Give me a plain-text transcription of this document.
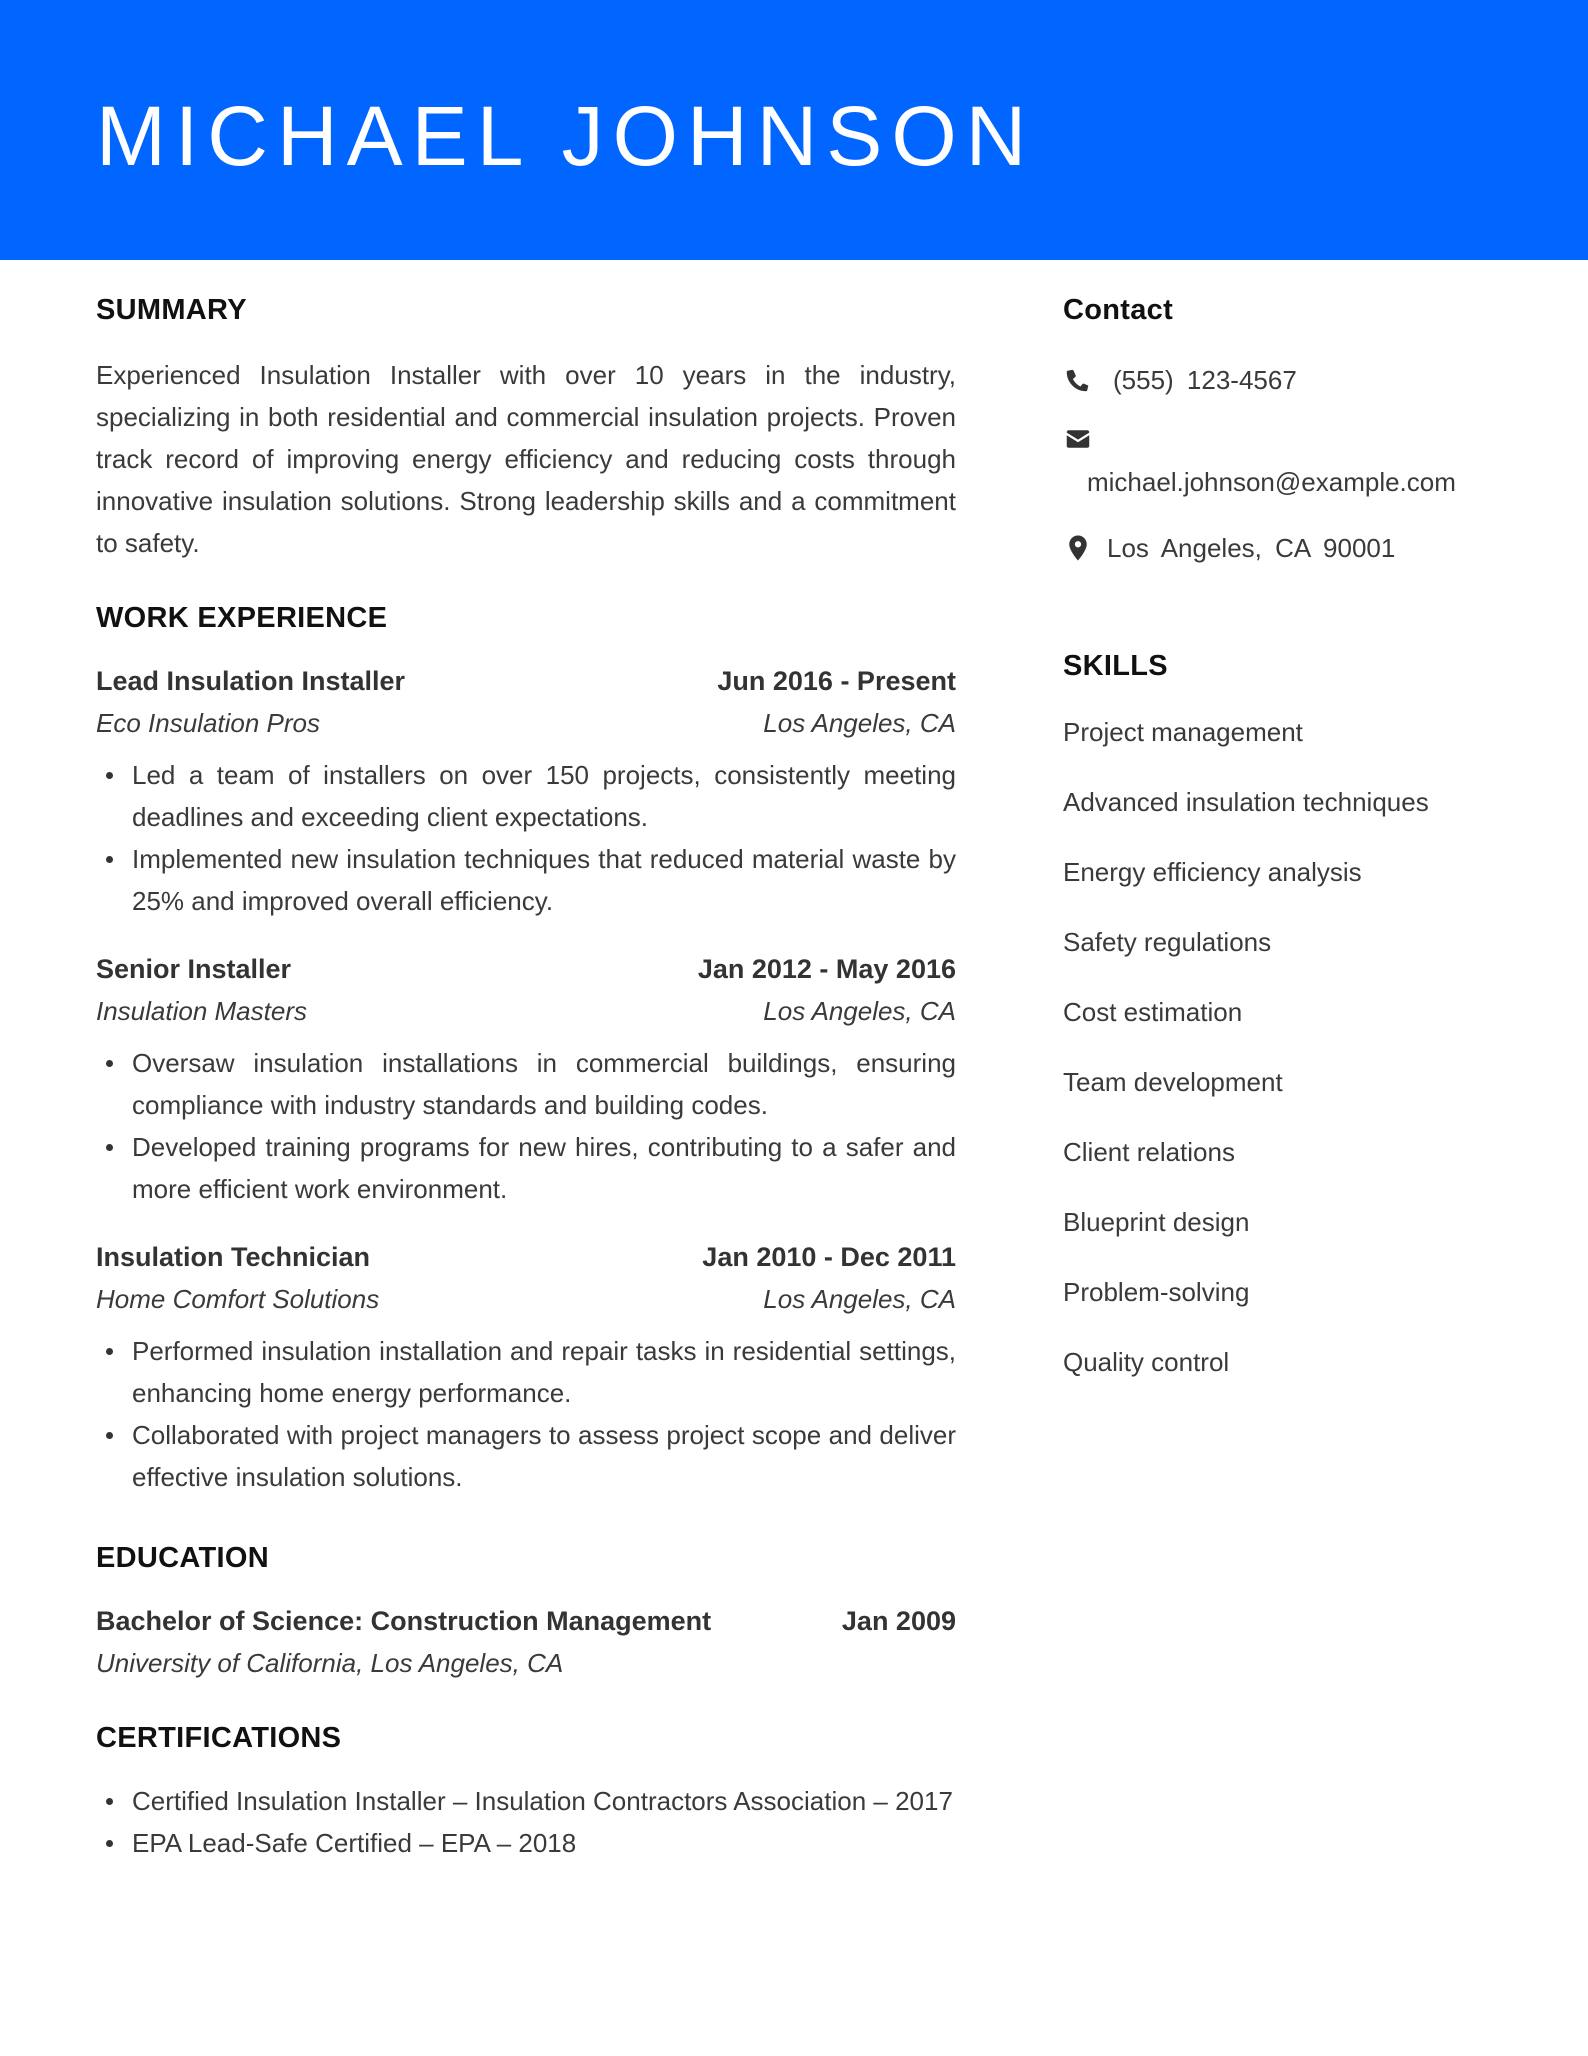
MICHAEL JOHNSON
SUMMARY
Experienced Insulation Installer with over 10 years in the industry, specializing in both residential and commercial insulation projects. Proven track record of improving energy efficiency and reducing costs through innovative insulation solutions. Strong leadership skills and a commitment to safety.
WORK EXPERIENCE
Lead Insulation Installer	Jun 2016 - Present
Eco Insulation Pros	Los Angeles, CA
Led a team of installers on over 150 projects, consistently meeting deadlines and exceeding client expectations.
Implemented new insulation techniques that reduced material waste by 25% and improved overall efficiency.
Senior Installer	Jan 2012 - May 2016
Insulation Masters	Los Angeles, CA
Oversaw insulation installations in commercial buildings, ensuring compliance with industry standards and building codes.
Developed training programs for new hires, contributing to a safer and more efficient work environment.
Insulation Technician	Jan 2010 - Dec 2011
Home Comfort Solutions	Los Angeles, CA
Performed insulation installation and repair tasks in residential settings, enhancing home energy performance.
Collaborated with project managers to assess project scope and deliver effective insulation solutions.
EDUCATION
Bachelor of Science: Construction Management	Jan 2009
University of California, Los Angeles, CA
CERTIFICATIONS
Certified Insulation Installer – Insulation Contractors Association – 2017
EPA Lead-Safe Certified – EPA – 2018
Contact
(555) 123-4567
michael.johnson@example.com
Los Angeles, CA 90001
SKILLS
Project management
Advanced insulation techniques
Energy efficiency analysis
Safety regulations
Cost estimation
Team development
Client relations
Blueprint design
Problem-solving
Quality control
